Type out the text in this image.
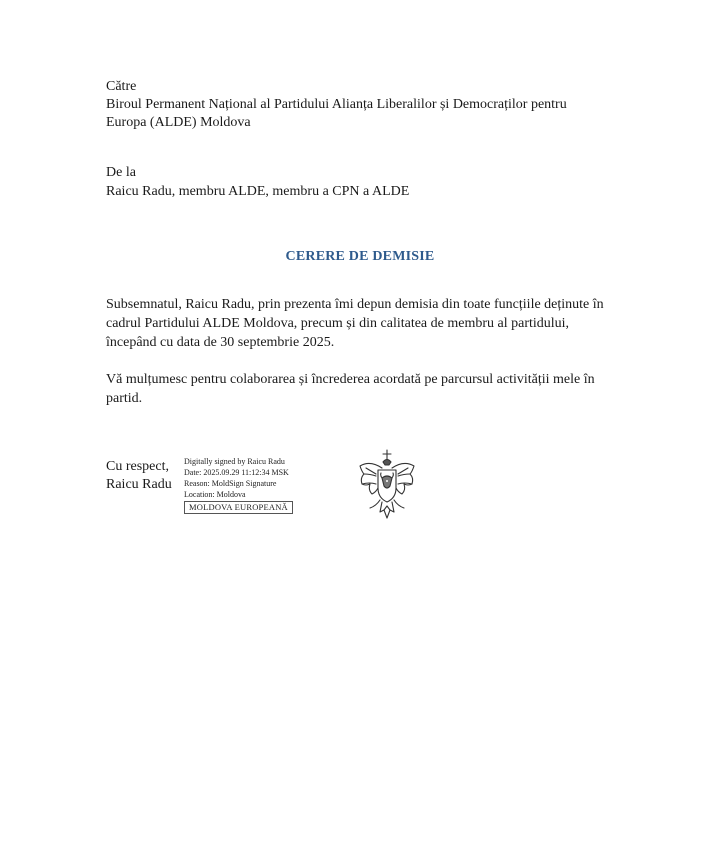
Către
Biroul Permanent Național al Partidului Alianța Liberalilor și Democraților pentru
Europa (ALDE) Moldova
De la
Raicu Radu, membru ALDE, membru a CPN a ALDE
CERERE DE DEMISIE
Subsemnatul, Raicu Radu, prin prezenta îmi depun demisia din toate funcțiile deținute în
cadrul Partidului ALDE Moldova, precum și din calitatea de membru al partidului,
începând cu data de 30 septembrie 2025.
Vă mulțumesc pentru colaborarea și încrederea acordată pe parcursul activității mele în
partid.
Cu respect,
Raicu Radu
Digitally signed by Raicu Radu
Date: 2025.09.29 11:12:34 MSK
Reason: MoldSign Signature
Location: Moldova
MOLDOVA EUROPEANĂ
